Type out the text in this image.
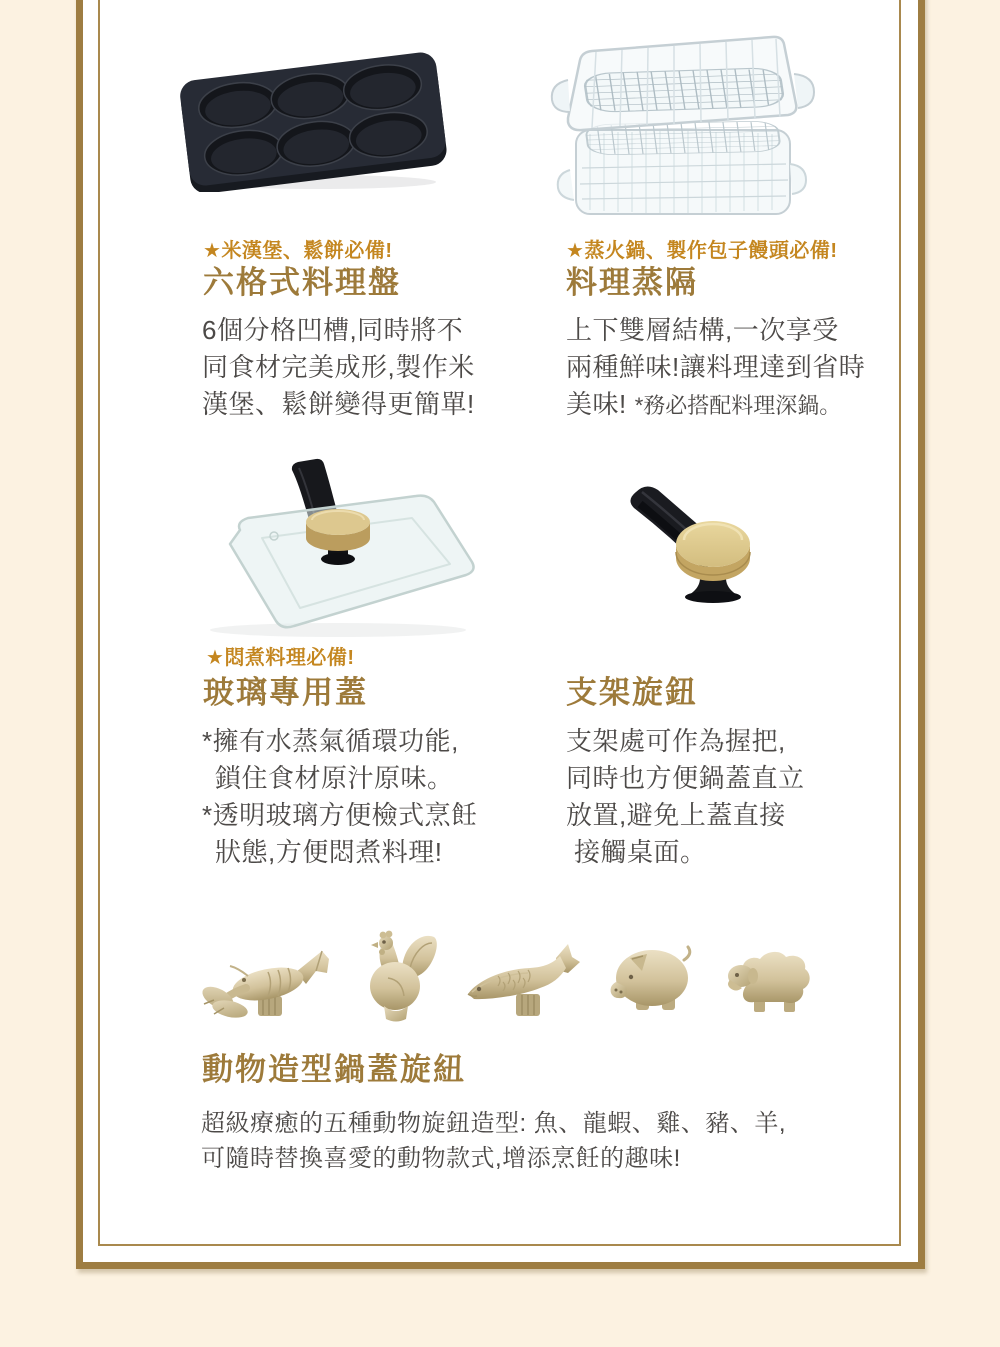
★米漢堡、鬆餅必備!
六格式料理盤
6個分格凹槽,同時將不
同食材完美成形,製作米
漢堡、鬆餅變得更簡單!
★蒸火鍋、製作包子饅頭必備!
料理蒸隔
上下雙層結構,一次享受
兩種鮮味!讓料理達到省時
美味! *務必搭配料理深鍋。
★悶煮料理必備!
玻璃專用蓋
*擁有水蒸氣循環功能,
鎖住食材原汁原味。
*透明玻璃方便檢式烹飪
狀態,方便悶煮料理!
支架旋鈕
支架處可作為握把,
同時也方便鍋蓋直立
放置,避免上蓋直接
接觸桌面。
動物造型鍋蓋旋紐
超級療癒的五種動物旋鈕造型: 魚、龍蝦、雞、豬、羊,
可隨時替換喜愛的動物款式,增添烹飪的趣味!
